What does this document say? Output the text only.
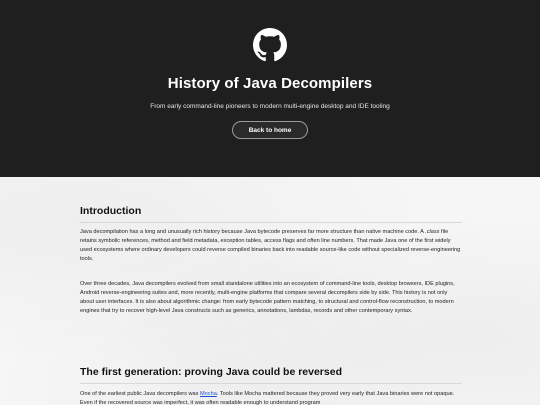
History of Java Decompilers
From early command-line pioneers to modern multi-engine desktop and IDE tooling
Back to home
Introduction

Java decompilation has a long and unusually rich history because Java bytecode preserves far more structure than native machine code. A .class file retains symbolic references, method and field metadata, exception tables, access flags and often line numbers. That made Java one of the first widely used ecosystems where ordinary developers could reverse compiled binaries back into readable source-like code without specialized reverse-engineering tools.

Over three decades, Java decompilers evolved from small standalone utilities into an ecosystem of command-line tools, desktop browsers, IDE plugins, Android reverse-engineering suites and, more recently, multi-engine platforms that compare several decompilers side by side. This history is not only about user interfaces. It is also about algorithmic change: from early bytecode pattern matching, to structural and control-flow reconstruction, to modern engines that try to recover high-level Java constructs such as generics, annotations, lambdas, records and other contemporary syntax.

The first generation: proving Java could be reversed

One of the earliest public Java decompilers was Mocha. Tools like Mocha mattered because they proved very early that Java binaries were not opaque. Even if the recovered source was imperfect, it was often readable enough to understand program
